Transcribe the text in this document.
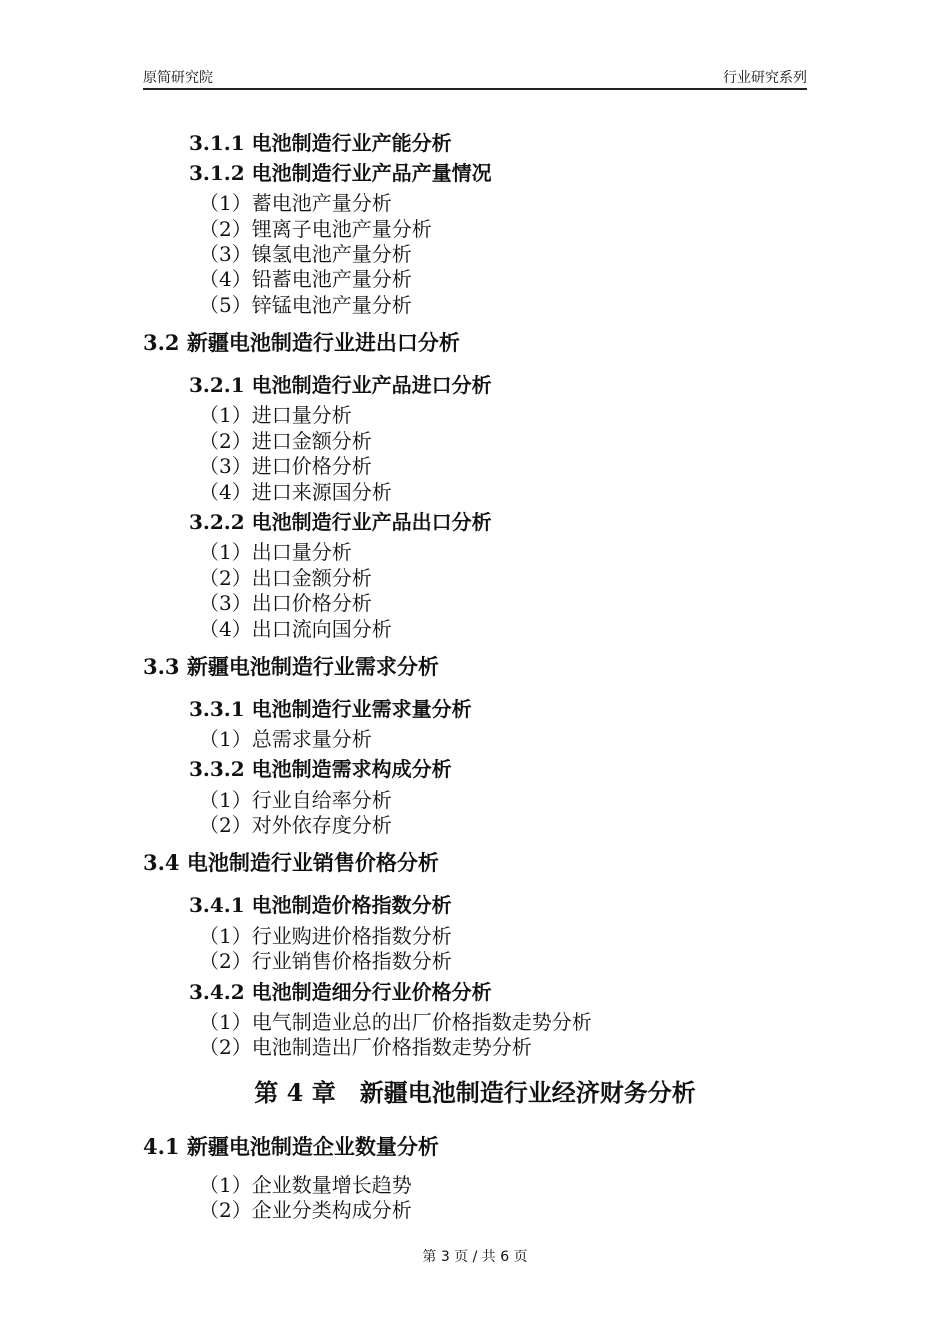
原简研究院	行业研究系列
3.1.1 电池制造行业产能分析
3.1.2 电池制造行业产品产量情况
（1）蓄电池产量分析
（2）锂离子电池产量分析
（3）镍氢电池产量分析
（4）铅蓄电池产量分析
（5）锌锰电池产量分析
3.2 新疆电池制造行业进出口分析
3.2.1 电池制造行业产品进口分析
（1）进口量分析
（2）进口金额分析
（3）进口价格分析
（4）进口来源国分析
3.2.2 电池制造行业产品出口分析
（1）出口量分析
（2）出口金额分析
（3）出口价格分析
（4）出口流向国分析
3.3 新疆电池制造行业需求分析
3.3.1 电池制造行业需求量分析
（1）总需求量分析
3.3.2 电池制造需求构成分析
（1）行业自给率分析
（2）对外依存度分析
3.4 电池制造行业销售价格分析
3.4.1 电池制造价格指数分析
（1）行业购进价格指数分析
（2）行业销售价格指数分析
3.4.2 电池制造细分行业价格分析
（1）电气制造业总的出厂价格指数走势分析
（2）电池制造出厂价格指数走势分析
第 4 章　新疆电池制造行业经济财务分析
4.1 新疆电池制造企业数量分析
（1）企业数量增长趋势
（2）企业分类构成分析
第 3 页 / 共 6 页
